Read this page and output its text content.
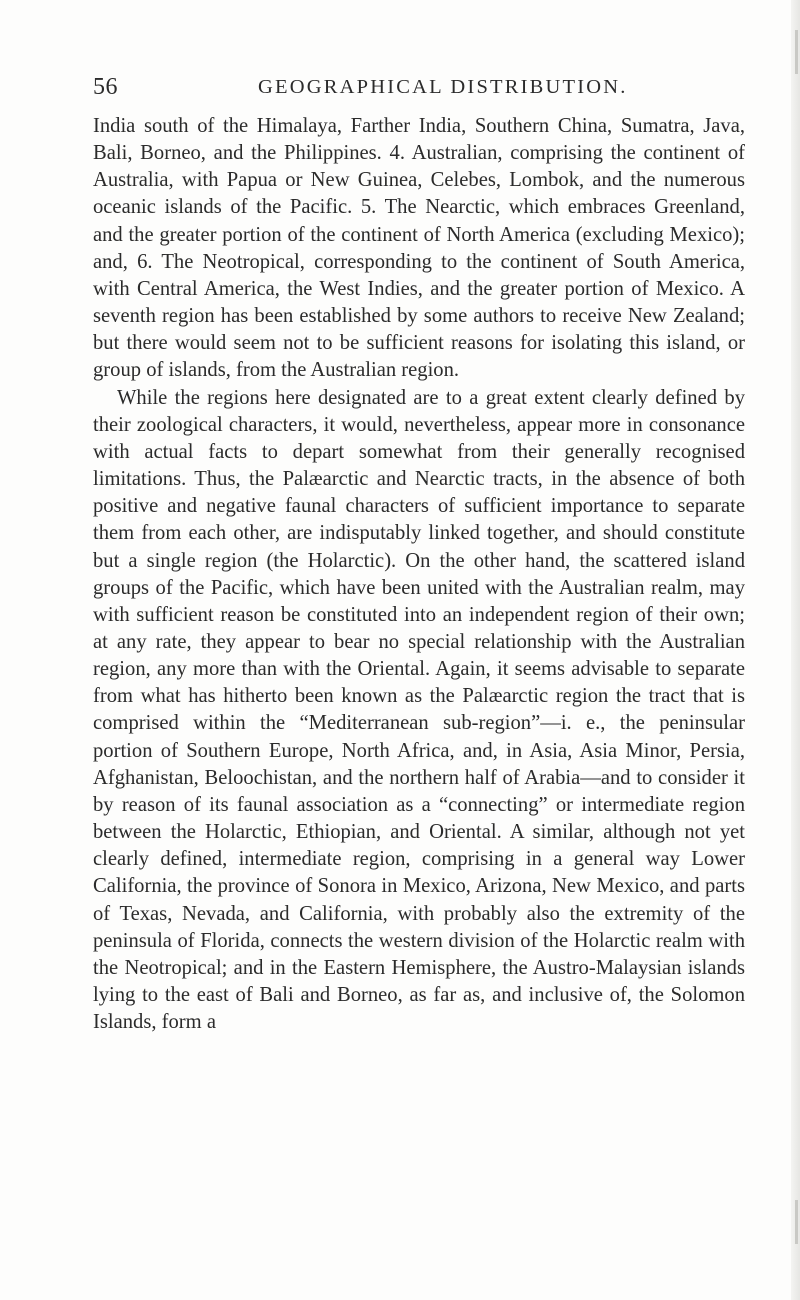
56	GEOGRAPHICAL DISTRIBUTION.

India south of the Himalaya, Farther India, Southern China, Sumatra, Java, Bali, Borneo, and the Philippines. 4. Australian, comprising the continent of Australia, with Papua or New Guinea, Celebes, Lombok, and the numerous oceanic islands of the Pacific. 5. The Nearctic, which embraces Greenland, and the greater portion of the continent of North America (excluding Mexico); and, 6. The Neotropical, corresponding to the continent of South America, with Central America, the West Indies, and the greater portion of Mexico. A seventh region has been established by some authors to receive New Zealand; but there would seem not to be sufficient reasons for isolating this island, or group of islands, from the Australian region.

While the regions here designated are to a great extent clearly defined by their zoological characters, it would, nevertheless, appear more in consonance with actual facts to depart somewhat from their generally recognised limitations. Thus, the Palæarctic and Nearctic tracts, in the absence of both positive and negative faunal characters of sufficient importance to separate them from each other, are indisputably linked together, and should constitute but a single region (the Holarctic). On the other hand, the scattered island groups of the Pacific, which have been united with the Australian realm, may with sufficient reason be constituted into an independent region of their own; at any rate, they appear to bear no special relationship with the Australian region, any more than with the Oriental. Again, it seems advisable to separate from what has hitherto been known as the Palæarctic region the tract that is comprised within the “Mediterranean sub-region”—i. e., the peninsular portion of Southern Europe, North Africa, and, in Asia, Asia Minor, Persia, Afghanistan, Beloochistan, and the northern half of Arabia—and to consider it by reason of its faunal association as a “connecting” or intermediate region between the Holarctic, Ethiopian, and Oriental. A similar, although not yet clearly defined, intermediate region, comprising in a general way Lower California, the province of Sonora in Mexico, Arizona, New Mexico, and parts of Texas, Nevada, and California, with probably also the extremity of the peninsula of Florida, connects the western division of the Holarctic realm with the Neotropical; and in the Eastern Hemisphere, the Austro-Malaysian islands lying to the east of Bali and Borneo, as far as, and inclusive of, the Solomon Islands, form a
